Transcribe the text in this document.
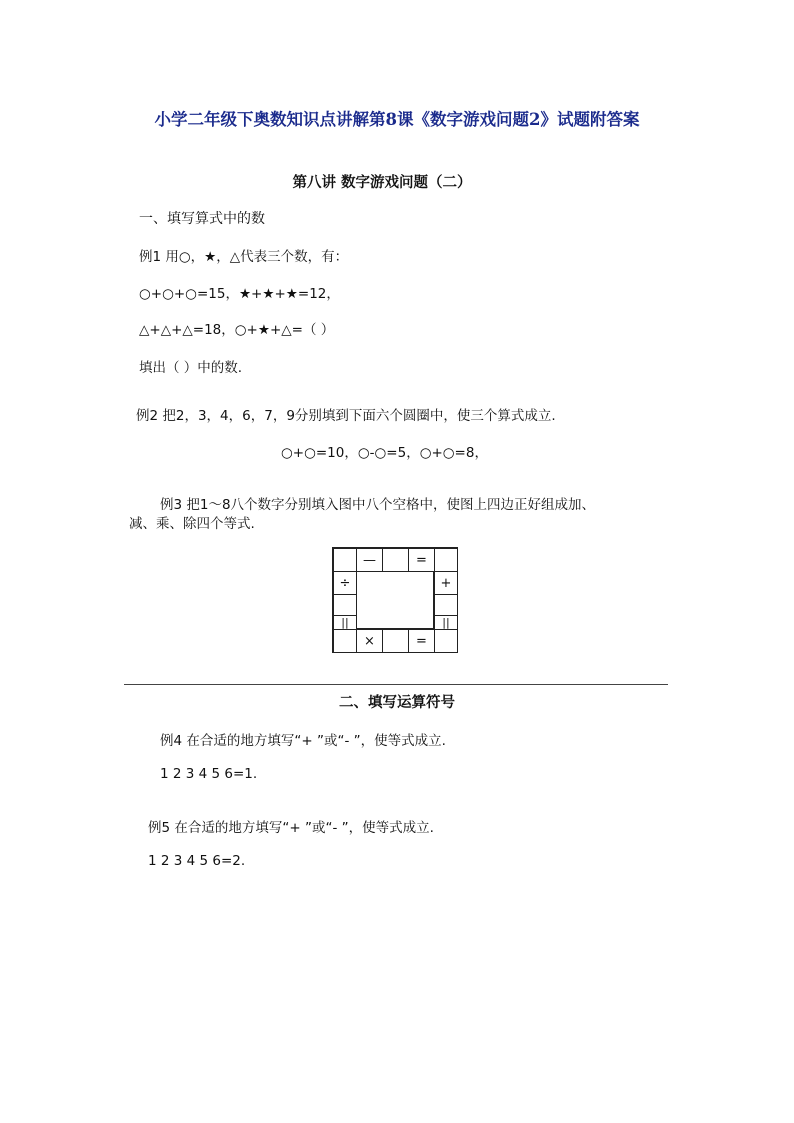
小学二年级下奥数知识点讲解第8课《数字游戏问题2》试题附答案
第八讲 数字游戏问题（二）
一、填写算式中的数
例1 用○，★，△代表三个数，有：
○+○+○=15，★+★+★=12，
△+△+△=18，○+★+△=（ ）
填出（ ）中的数.
例2 把2，3，4，6，7，9分别填到下面六个圆圈中，使三个算式成立.
○+○=10，○-○=5，○+○=8，
例3 把1～8八个数字分别填入图中八个空格中，使图上四边正好组成加、
减、乘、除四个等式.
—	=
÷
||
+
||
×	=
二、填写运算符号
例4 在合适的地方填写“+ ”或“- ”，使等式成立.
1 2 3 4 5 6=1.
例5 在合适的地方填写“+ ”或“- ”，使等式成立.
1 2 3 4 5 6=2.
